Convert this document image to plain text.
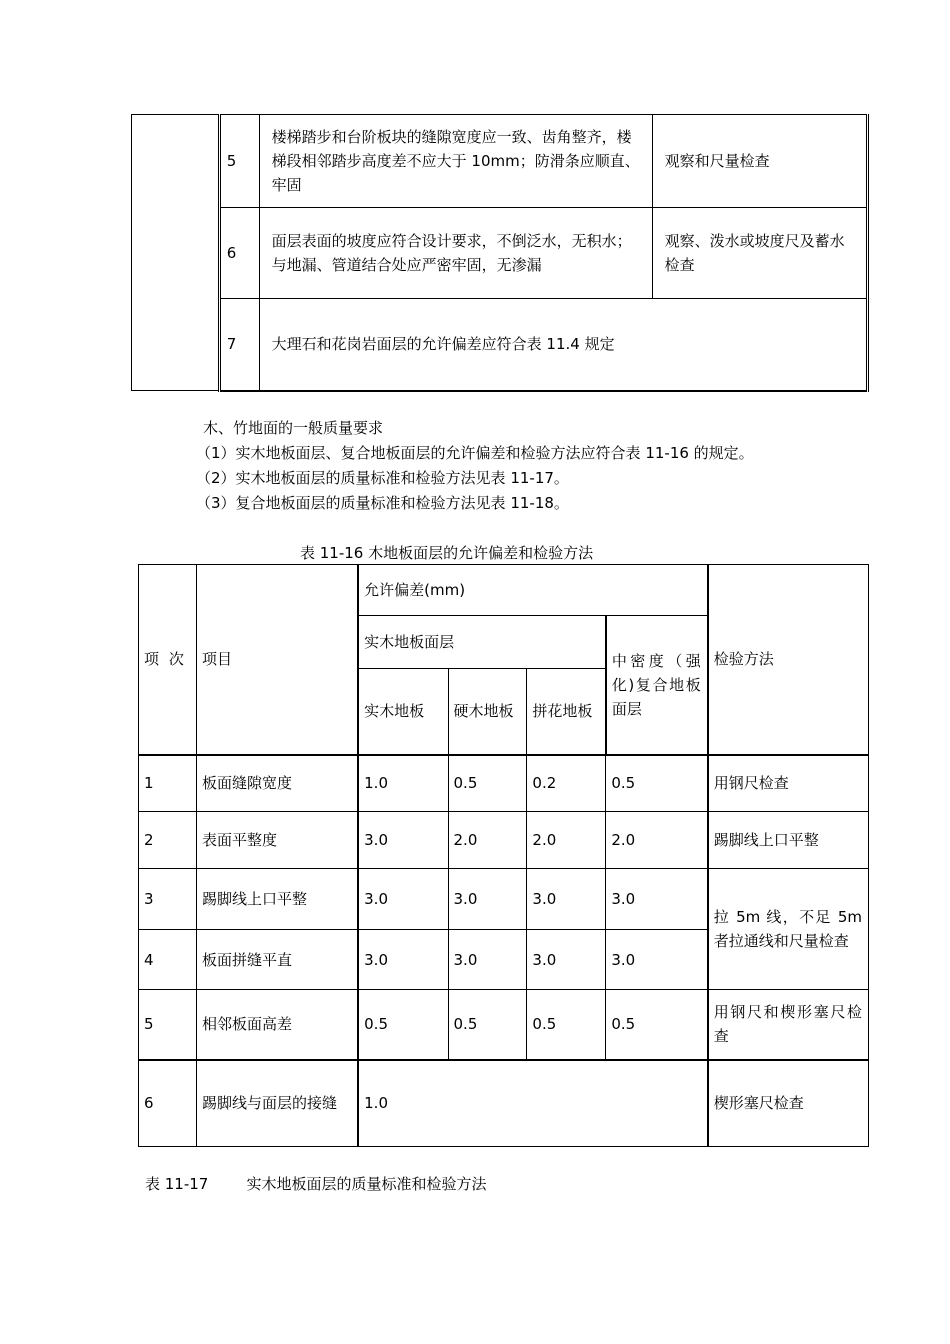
	5	楼梯踏步和台阶板块的缝隙宽度应一致、齿角整齐，楼梯段相邻踏步高度差不应大于 10mm；防滑条应顺直、牢固	观察和尺量检查
	6	面层表面的坡度应符合设计要求，不倒泛水，无积水；与地漏、管道结合处应严密牢固，无渗漏	观察、泼水或坡度尺及蓄水检查
	7	大理石和花岗岩面层的允许偏差应符合表 11.4 规定	
木、竹地面的一般质量要求
（1）实木地板面层、复合地板面层的允许偏差和检验方法应符合表 11-16 的规定。
（2）实木地板面层的质量标准和检验方法见表 11-17。
（3）复合地板面层的质量标准和检验方法见表 11-18。
表 11-16 木地板面层的允许偏差和检验方法
项 次	项目	允许偏差(mm)				检验方法
		实木地板面层			中密度（强化)复合地板面层	
		实木地板	硬木地板	拼花地板		
1	板面缝隙宽度	1.0	0.5	0.2	0.5	用钢尺检查
2	表面平整度	3.0	2.0	2.0	2.0	踢脚线上口平整
3	踢脚线上口平整	3.0	3.0	3.0	3.0	拉 5m 线，不足 5m 者拉通线和尺量检查
4	板面拼缝平直	3.0	3.0	3.0	3.0	
5	相邻板面高差	0.5	0.5	0.5	0.5	用钢尺和楔形塞尺检查
6	踢脚线与面层的接缝	1.0				楔形塞尺检查
表 11-17        实木地板面层的质量标准和检验方法
